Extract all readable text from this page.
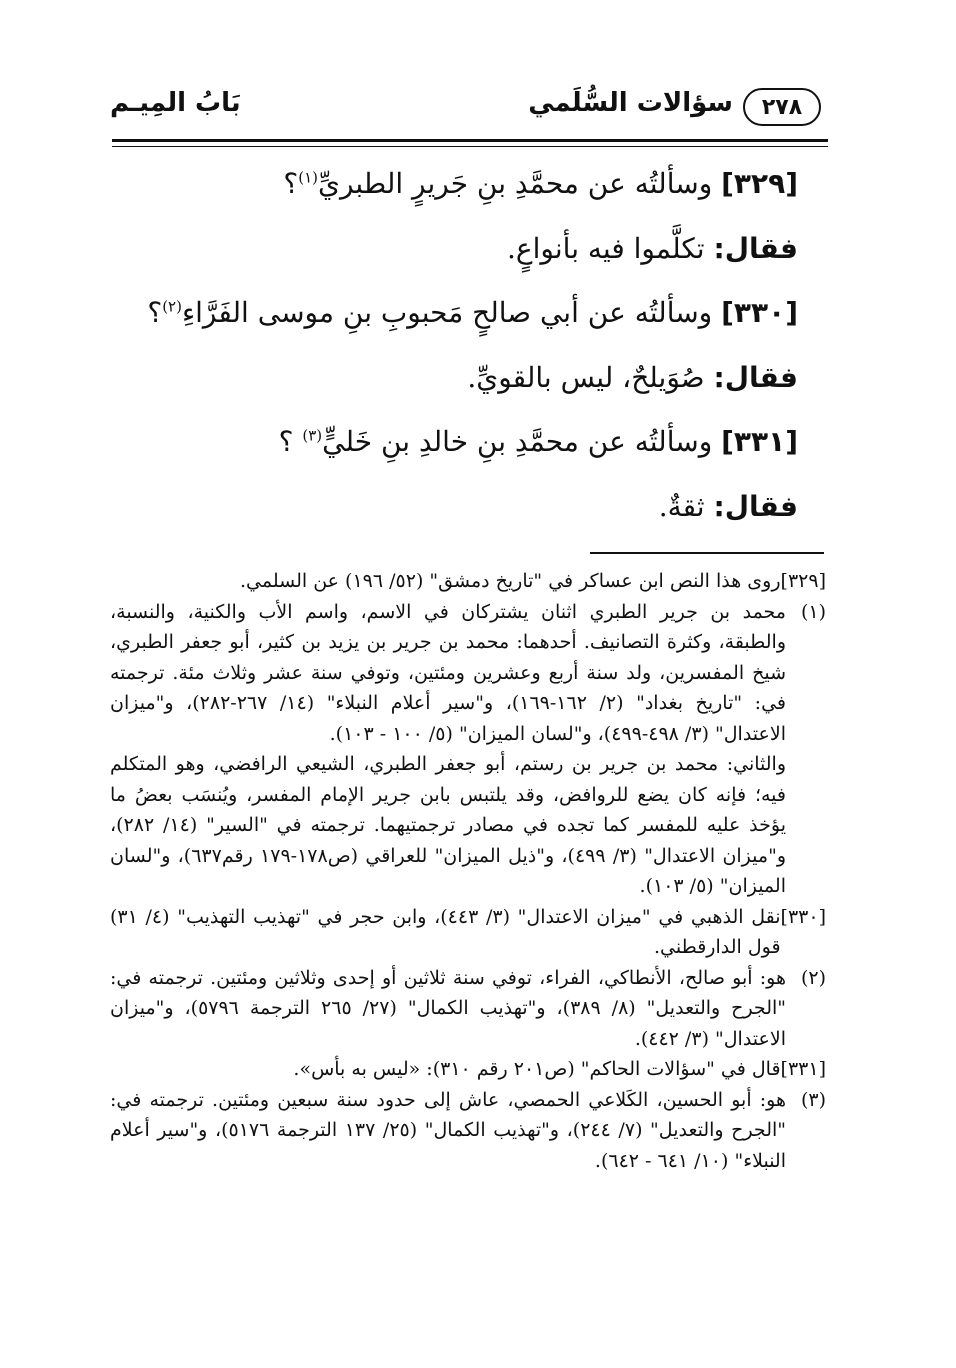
٢٧٨
سؤالات السُّلَمي
بَابُ المِيـم
[٣٢٩] وسألتُه عن محمَّدِ بنِ جَريرٍ الطبريِّ$^{(١)}$؟
فقال: تكلَّموا فيه بأنواعٍ.
[٣٣٠] وسألتُه عن أبي صالحٍ مَحبوبِ بنِ موسى الفَرَّاءِ$^{(٢)}$؟
فقال: صُوَيلحٌ، ليس بالقويِّ.
[٣٣١] وسألتُه عن محمَّدِ بنِ خالدِ بنِ خَليٍّ$^{(٣)}$ ؟
فقال: ثقةٌ.
[٣٢٩]

روى هذا النص ابن عساكر في "تاريخ دمشق" (٥٢/ ١٩٦) عن السلمي.

(١)

محمد بن جرير الطبري اثنان يشتركان في الاسم، واسم الأب والكنية، والنسبة، والطبقة، وكثرة التصانيف. أحدهما: محمد بن جرير بن يزيد بن كثير، أبو جعفر الطبري، شيخ المفسرين، ولد سنة أربع وعشرين ومئتين، وتوفي سنة عشر وثلاث مئة. ترجمته في: "تاريخ بغداد" (٢/ ١٦٢-١٦٩)، و"سير أعلام النبلاء" (١٤/ ٢٦٧-٢٨٢)، و"ميزان الاعتدال" (٣/ ٤٩٨-٤٩٩)، و"لسان الميزان" (٥/ ١٠٠ - ١٠٣).

والثاني: محمد بن جرير بن رستم، أبو جعفر الطبري، الشيعي الرافضي، وهو المتكلم فيه؛ فإنه كان يضع للروافض، وقد يلتبس بابن جرير الإمام المفسر، ويُنسَب بعضُ ما يؤخذ عليه للمفسر كما تجده في مصادر ترجمتيهما. ترجمته في "السير" (١٤/ ٢٨٢)، و"ميزان الاعتدال" (٣/ ٤٩٩)، و"ذيل الميزان" للعراقي (ص١٧٨-١٧٩ رقم٦٣٧)، و"لسان الميزان" (٥/ ١٠٣).

[٣٣٠]

نقل الذهبي في "ميزان الاعتدال" (٣/ ٤٤٣)، وابن حجر في "تهذيب التهذيب" (٤/ ٣١) قول الدارقطني.

(٢)

هو: أبو صالح، الأنطاكي، الفراء، توفي سنة ثلاثين أو إحدى وثلاثين ومئتين. ترجمته في: "الجرح والتعديل" (٨/ ٣٨٩)، و"تهذيب الكمال" (٢٧/ ٢٦٥ الترجمة ٥٧٩٦)، و"ميزان الاعتدال" (٣/ ٤٤٢).

[٣٣١]

قال في "سؤالات الحاكم" (ص٢٠١ رقم ٣١٠): «ليس به بأس».

(٣)

هو: أبو الحسين، الكَلاعي الحمصي، عاش إلى حدود سنة سبعين ومئتين. ترجمته في: "الجرح والتعديل" (٧/ ٢٤٤)، و"تهذيب الكمال" (٢٥/ ١٣٧ الترجمة ٥١٧٦)، و"سير أعلام النبلاء" (١٠/ ٦٤١ - ٦٤٢).
